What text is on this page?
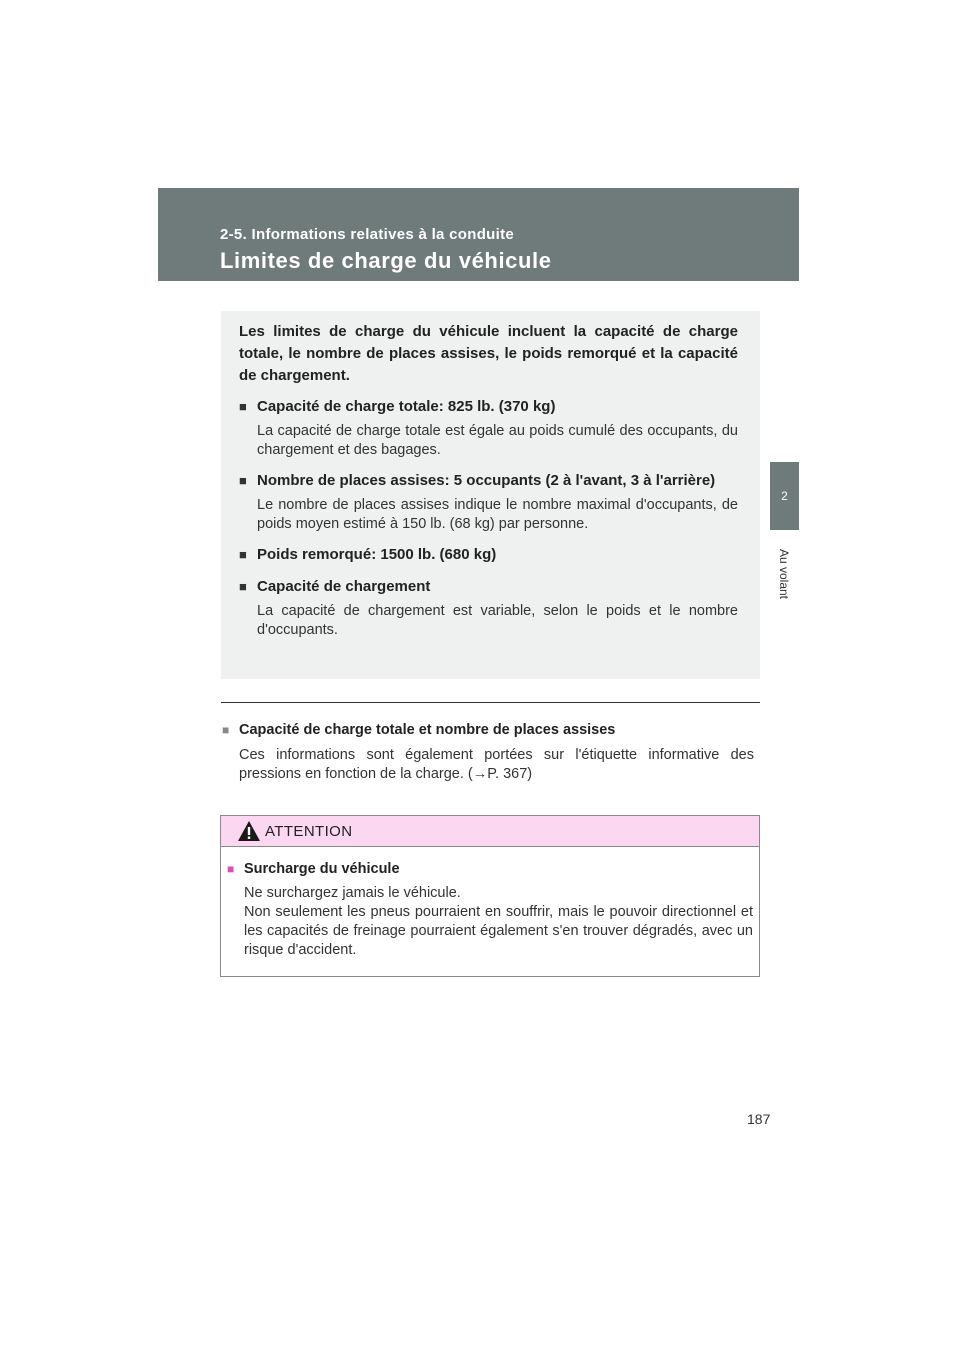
2-5. Informations relatives à la conduite
Limites de charge du véhicule
2
Au volant

Les limites de charge du véhicule incluent la capacité de charge totale, le nombre de places assises, le poids remorqué et la capacité de chargement.

■ Capacité de charge totale: 825 lb. (370 kg)
La capacité de charge totale est égale au poids cumulé des occupants, du chargement et des bagages.
■ Nombre de places assises: 5 occupants (2 à l'avant, 3 à l'arrière)
Le nombre de places assises indique le nombre maximal d'occupants, de poids moyen estimé à 150 lb. (68 kg) par personne.
■ Poids remorqué: 1500 lb. (680 kg)
■ Capacité de chargement
La capacité de chargement est variable, selon le poids et le nombre d'occupants.
■ Capacité de charge totale et nombre de places assises
Ces informations sont également portées sur l'étiquette informative des pressions en fonction de la charge. (→P. 367)
ATTENTION
■ Surcharge du véhicule
Ne surchargez jamais le véhicule.
Non seulement les pneus pourraient en souffrir, mais le pouvoir directionnel et les capacités de freinage pourraient également s'en trouver dégradés, avec un risque d'accident.
187
